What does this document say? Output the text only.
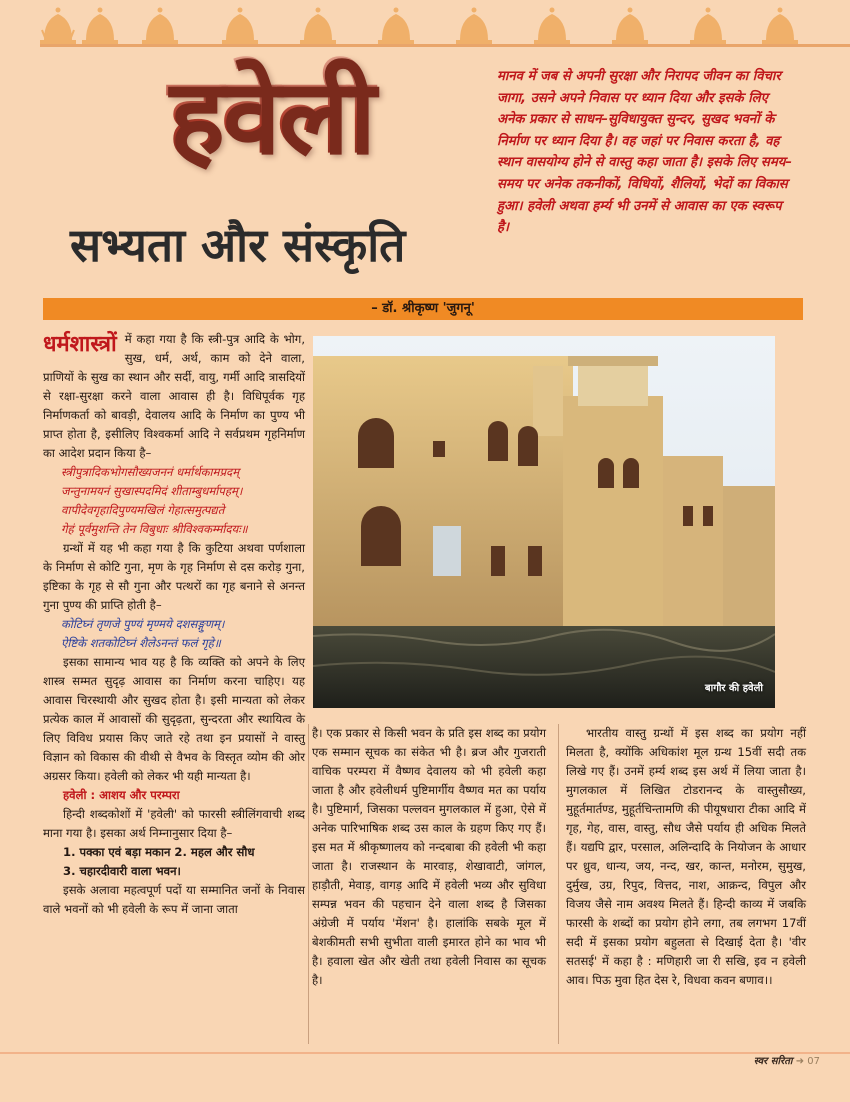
हवेली
सभ्यता और संस्कृति
मानव में जब से अपनी सुरक्षा और निरापद जीवन का विचार जागा, उसने अपने निवास पर ध्यान दिया और इसके लिए अनेक प्रकार से साधन–सुविधायुक्त सुन्दर, सुखद भवनों के निर्माण पर ध्यान दिया है। वह जहां पर निवास करता है, वह स्थान वासयोग्य होने से वास्तु कहा जाता है। इसके लिए समय–समय पर अनेक तकनीकों, विधियों, शैलियों, भेदों का विकास हुआ। हवेली अथवा हर्म्य भी उनमें से आवास का एक स्वरूप है।
– डॉ. श्रीकृष्ण 'जुगनू'

धर्मशास्त्रों में कहा गया है कि स्त्री-पुत्र आदि के भोग, सुख, धर्म, अर्थ, काम को देने वाला, प्राणियों के सुख का स्थान और सर्दी, वायु, गर्मी आदि त्रासदियों से रक्षा-सुरक्षा करने वाला आवास ही है। विधिपूर्वक गृह निर्माणकर्ता को बावड़ी, देवालय आदि के निर्माण का पुण्य भी प्राप्त होता है, इसीलिए विश्वकर्मा आदि ने सर्वप्रथम गृहनिर्माण का आदेश प्रदान किया है–

स्त्रीपुत्रादिकभोगसौख्यजननं धर्मार्थकामप्रदम्

जन्तुनामयनं सुखास्पदमिदं शीताम्बुधर्मापहम्।

वापीदेवगृहादिपुण्यमखिलं गेहात्समुत्पद्यते

गेहं पूर्वमुशन्ति तेन विबुधाः श्रीविश्वकर्म्मादयः॥

ग्रन्थों में यह भी कहा गया है कि कुटिया अथवा पर्णशाला के निर्माण से कोटि गुना, मृण के गृह निर्माण से दस करोड़ गुना, इष्टिका के गृह से सौ गुना और पत्थरों का गृह बनाने से अनन्त गुना पुण्य की प्राप्ति होती है–

कोटिघ्नं तृणजे पुण्यं मृण्मये दशसङ्गुणम्।

ऐष्टिके शतकोटिघ्नं शैलेऽनन्तं फलं गृहे॥

इसका सामान्य भाव यह है कि व्यक्ति को अपने के लिए शास्त्र सम्मत सुदृढ़ आवास का निर्माण करना चाहिए। यह आवास चिरस्थायी और सुखद होता है। इसी मान्यता को लेकर प्रत्येक काल में आवासों की सुदृढ़ता, सुन्दरता और स्थायित्व के लिए विविध प्रयास किए जाते रहे तथा इन प्रयासों ने वास्तु विज्ञान को विकास की वीथी से वैभव के विस्तृत व्योम की ओर अग्रसर किया। हवेली को लेकर भी यही मान्यता है।

हवेली : आशय और परम्परा

हिन्दी शब्दकोशों में 'हवेली' को फारसी स्त्रीलिंगवाची शब्द माना गया है। इसका अर्थ निम्नानुसार दिया है–

1. पक्का एवं बड़ा मकान 2. महल और सौध

3. चहारदीवारी वाला भवन।

इसके अलावा महत्वपूर्ण पदों या सम्मानित जनों के निवास वाले भवनों को भी हवेली के रूप में जाना जाता

बागौर की हवेली

है। एक प्रकार से किसी भवन के प्रति इस शब्द का प्रयोग एक सम्मान सूचक का संकेत भी है। ब्रज और गुजराती वाचिक परम्परा में वैष्णव देवालय को भी हवेली कहा जाता है और हवेलीधर्म पुष्टिमार्गीय वैष्णव मत का पर्याय है। पुष्टिमार्ग, जिसका पल्लवन मुगलकाल में हुआ, ऐसे में अनेक पारिभाषिक शब्द उस काल के ग्रहण किए गए हैं। इस मत में श्रीकृष्णालय को नन्दबाबा की हवेली भी कहा जाता है। राजस्थान के मारवाड़, शेखावाटी, जांगल, हाड़ौती, मेवाड़, वागड़ आदि में हवेली भव्य और सुविधा सम्पन्न भवन की पहचान देने वाला शब्द है जिसका अंग्रेजी में पर्याय 'मेंशन' है। हालांकि सबके मूल में बेशकीमती सभी सुभीता वाली इमारत होने का भाव भी है। हवाला खेत और खेती तथा हवेली निवास का सूचक है।

भारतीय वास्तु ग्रन्थों में इस शब्द का प्रयोग नहीं मिलता है, क्योंकि अधिकांश मूल ग्रन्थ 15वीं सदी तक लिखे गए हैं। उनमें हर्म्य शब्द इस अर्थ में लिया जाता है। मुगलकाल में लिखित टोडरानन्द के वास्तुसौख्य, मुहूर्तमार्तण्ड, मुहूर्तचिन्तामणि की पीयूषधारा टीका आदि में गृह, गेह, वास, वास्तु, सौध जैसे पर्याय ही अधिक मिलते हैं। यद्यपि द्वार, परसाल, अलिन्दादि के नियोजन के आधार पर ध्रुव, धान्य, जय, नन्द, खर, कान्त, मनोरम, सुमुख, दुर्मुख, उग्र, रिपुद, वित्तद, नाश, आक्रन्द, विपुल और विजय जैसे नाम अवश्य मिलते हैं। हिन्दी काव्य में जबकि फारसी के शब्दों का प्रयोग होने लगा, तब लगभग 17वीं सदी में इसका प्रयोग बहुलता से दिखाई देता है। 'वीर सतसई' में कहा है : मणिहारी जा री सखि, इव न हवेली आव। पिऊ मुवा हित देस रे, विधवा कवन बणाव।।

स्वर सरिता ➜ 07
